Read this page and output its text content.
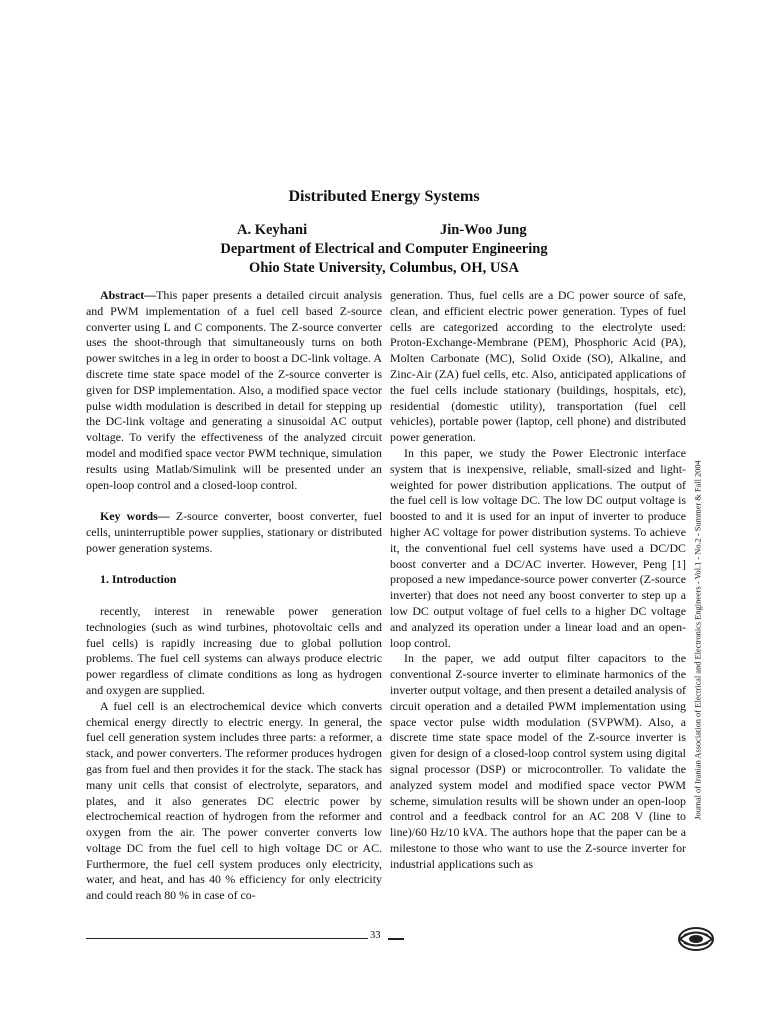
Distributed Energy Systems
A. Keyhani	Jin-Woo Jung
Department of Electrical and Computer Engineering
Ohio State University, Columbus, OH, USA

Abstract—This paper presents a detailed circuit analysis and PWM implementation of a fuel cell based Z-source converter using L and C components. The Z-source converter uses the shoot-through that simultaneously turns on both power switches in a leg in order to boost a DC-link voltage. A discrete time state space model of the Z-source converter is given for DSP implementation. Also, a modified space vector pulse width modulation is described in detail for stepping up the DC-link voltage and generating a sinusoidal AC output voltage. To verify the effectiveness of the analyzed circuit model and modified space vector PWM technique, simulation results using Matlab/Simulink will be presented under an open-loop control and a closed-loop control.

Key words— Z-source converter, boost converter, fuel cells, uninterruptible power supplies, stationary or distributed power generation systems.

1. Introduction

recently, interest in renewable power generation technologies (such as wind turbines, photovoltaic cells and fuel cells) is rapidly increasing due to global pollution problems. The fuel cell systems can always produce electric power regardless of climate conditions as long as hydrogen and oxygen are supplied.

A fuel cell is an electrochemical device which converts chemical energy directly to electric energy. In general, the fuel cell generation system includes three parts: a reformer, a stack, and power converters. The reformer produces hydrogen gas from fuel and then provides it for the stack. The stack has many unit cells that consist of electrolyte, separators, and plates, and it also generates DC electric power by electrochemical reaction of hydrogen from the reformer and oxygen from the air. The power converter converts low voltage DC from the fuel cell to high voltage DC or AC. Furthermore, the fuel cell system produces only electricity, water, and heat, and has 40 % efficiency for only electricity and could reach 80 % in case of co-

generation. Thus, fuel cells are a DC power source of safe, clean, and efficient electric power generation. Types of fuel cells are categorized according to the electrolyte used: Proton-Exchange-Membrane (PEM), Phosphoric Acid (PA), Molten Carbonate (MC), Solid Oxide (SO), Alkaline, and Zinc-Air (ZA) fuel cells, etc. Also, anticipated applications of the fuel cells include stationary (buildings, hospitals, etc), residential (domestic utility), transportation (fuel cell vehicles), portable power (laptop, cell phone) and distributed power generation.

In this paper, we study the Power Electronic interface system that is inexpensive, reliable, small-sized and light-weighted for power distribution applications. The output of the fuel cell is low voltage DC. The low DC output voltage is boosted to and it is used for an input of inverter to produce higher AC voltage for power distribution systems. To achieve it, the conventional fuel cell systems have used a DC/DC boost converter and a DC/AC inverter. However, Peng [1] proposed a new impedance-source power converter (Z-source inverter) that does not need any boost converter to step up a low DC output voltage of fuel cells to a higher DC voltage and analyzed its operation under a linear load and an open-loop control.

In the paper, we add output filter capacitors to the conventional Z-source inverter to eliminate harmonics of the inverter output voltage, and then present a detailed analysis of circuit operation and a detailed PWM implementation using space vector pulse width modulation (SVPWM). Also, a discrete time state space model of the Z-source inverter is given for design of a closed-loop control system using digital signal processor (DSP) or microcontroller. To validate the analyzed system model and modified space vector PWM scheme, simulation results will be shown under an open-loop control and a feedback control for an AC 208 V (line to line)/60 Hz/10 kVA. The authors hope that the paper can be a milestone to those who want to use the Z-source inverter for industrial applications such as

Journal of Iranian Association of Electrical and Electronics Engineers - Vol.1 - No.2 - Summer & Fall 2004
33
